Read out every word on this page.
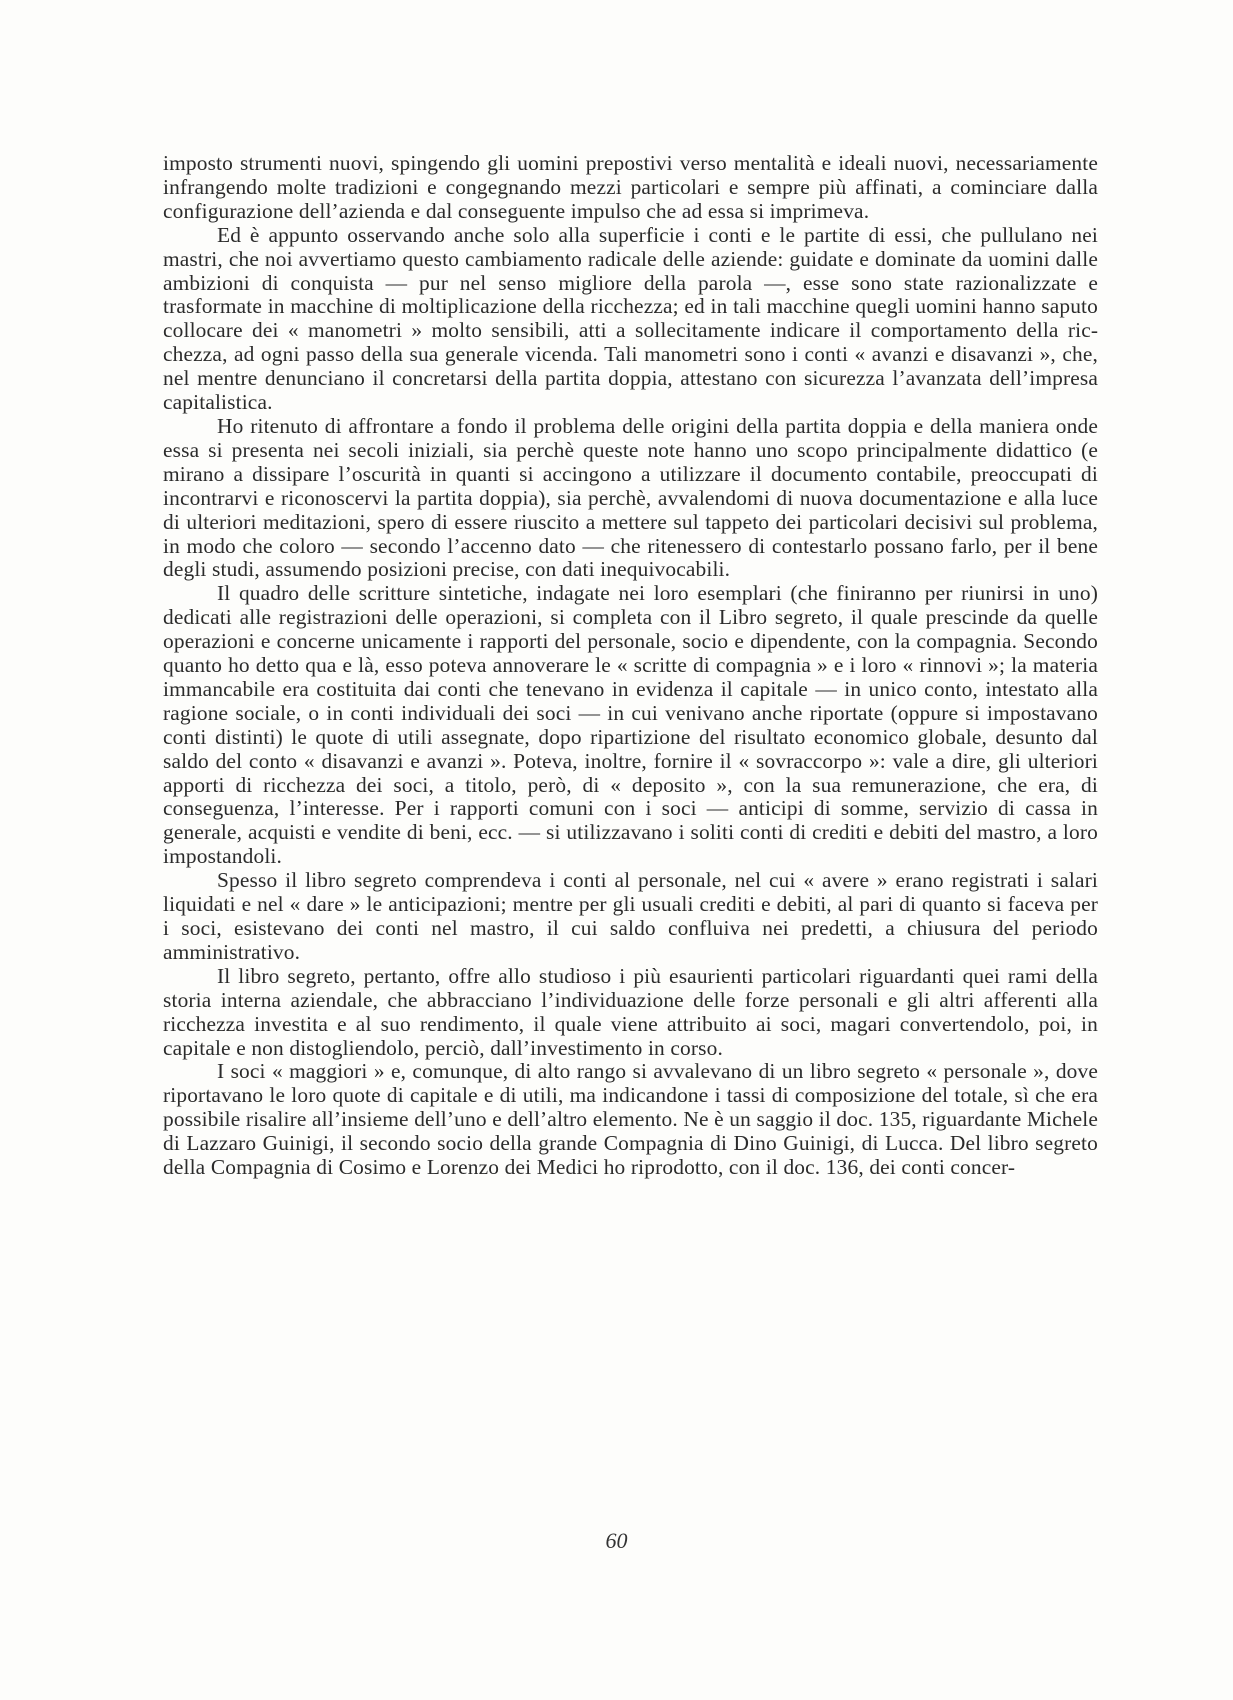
imposto strumenti nuovi, spingendo gli uomini prepostivi verso mentalità e ideali nuovi, necessariamente infrangendo molte tradizioni e congegnando mezzi particolari e sempre più affinati, a cominciare dalla configurazione dell’azienda e dal conseguente impulso che ad essa si imprimeva.

Ed è appunto osservando anche solo alla superficie i conti e le partite di essi, che pullulano nei mastri, che noi avvertiamo questo cambiamento radicale delle aziende: guidate e dominate da uomini dalle ambizioni di conquista — pur nel senso migliore della parola —, esse sono state razionalizzate e trasformate in macchine di moltiplicazione della ricchezza; ed in tali macchine quegli uomini hanno saputo collocare dei « manometri » molto sensibili, atti a sollecitamente indicare il comportamento della ricchezza, ad ogni passo della sua generale vicenda. Tali manometri sono i conti « avanzi e disavanzi », che, nel mentre denunciano il concretarsi della partita doppia, attestano con sicurezza l’avanzata dell’impresa capitalistica.

Ho ritenuto di affrontare a fondo il problema delle origini della partita doppia e della maniera onde essa si presenta nei secoli iniziali, sia perchè queste note hanno uno scopo principalmente didattico (e mirano a dissipare l’oscurità in quanti si accingono a utilizzare il documento contabile, preoccupati di incontrarvi e riconoscervi la partita doppia), sia perchè, avvalendomi di nuova documentazione e alla luce di ulteriori meditazioni, spero di essere riuscito a mettere sul tappeto dei particolari decisivi sul problema, in modo che coloro — secondo l’accenno dato — che ritenessero di contestarlo possano farlo, per il bene degli studi, assumendo posizioni precise, con dati inequivocabili.

Il quadro delle scritture sintetiche, indagate nei loro esemplari (che finiranno per riunirsi in uno) dedicati alle registrazioni delle operazioni, si completa con il Libro segreto, il quale prescinde da quelle operazioni e concerne unicamente i rapporti del personale, socio e dipendente, con la compagnia. Secondo quanto ho detto qua e là, esso poteva annoverare le « scritte di compagnia » e i loro « rinnovi »; la materia immancabile era costituita dai conti che tenevano in evidenza il capitale — in unico conto, intestato alla ragione sociale, o in conti individuali dei soci — in cui venivano anche riportate (oppure si impostavano conti distinti) le quote di utili assegnate, dopo ripartizione del risultato economico globale, desunto dal saldo del conto « disavanzi e avanzi ». Poteva, inoltre, fornire il « sovraccorpo »: vale a dire, gli ulteriori apporti di ricchezza dei soci, a titolo, però, di « deposito », con la sua remunerazione, che era, di conseguenza, l’interesse. Per i rapporti comuni con i soci — anticipi di somme, servizio di cassa in generale, acquisti e vendite di beni, ecc. — si utilizzavano i soliti conti di crediti e debiti del mastro, a loro impostandoli.

Spesso il libro segreto comprendeva i conti al personale, nel cui « avere » erano registrati i salari liquidati e nel « dare » le anticipazioni; mentre per gli usuali crediti e debiti, al pari di quanto si faceva per i soci, esistevano dei conti nel mastro, il cui saldo confluiva nei predetti, a chiusura del periodo amministrativo.

Il libro segreto, pertanto, offre allo studioso i più esaurienti particolari riguardanti quei rami della storia interna aziendale, che abbracciano l’individuazione delle forze personali e gli altri afferenti alla ricchezza investita e al suo rendimento, il quale viene attribuito ai soci, magari convertendolo, poi, in capitale e non distogliendolo, perciò, dall’investimento in corso.

I soci « maggiori » e, comunque, di alto rango si avvalevano di un libro segreto « personale », dove riportavano le loro quote di capitale e di utili, ma indicandone i tassi di composizione del totale, sì che era possibile risalire all’insieme dell’uno e dell’altro elemento. Ne è un saggio il doc. 135, riguardante Michele di Lazzaro Guinigi, il secondo socio della grande Compagnia di Dino Guinigi, di Lucca. Del libro segreto della Compagnia di Cosimo e Lorenzo dei Medici ho riprodotto, con il doc. 136, dei conti concer-

60
